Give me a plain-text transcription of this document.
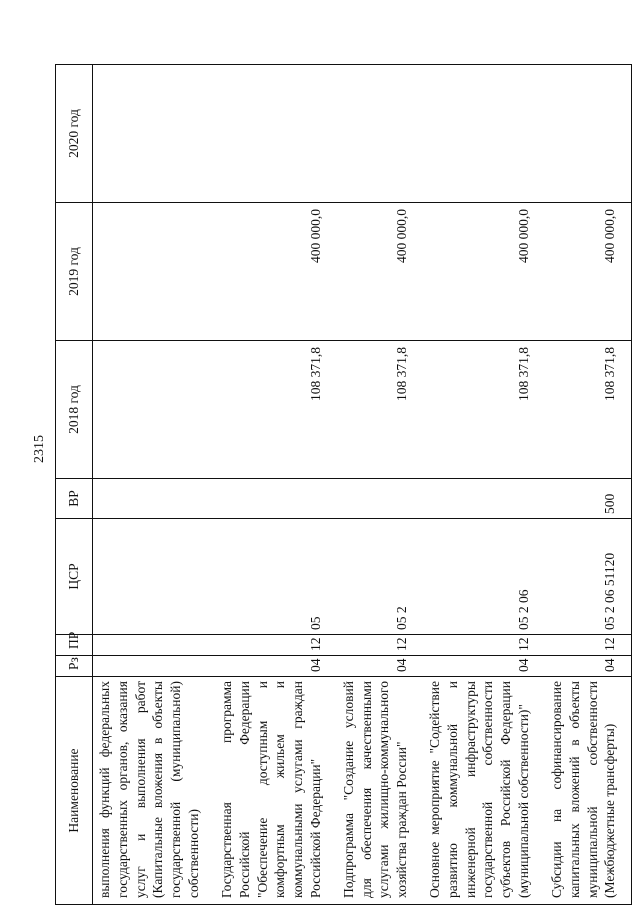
2315
Наименование	Рз	ПР	ЦСР	ВР	2018 год	2019 год	2020 год
выполнения функций федеральных государственных органов, оказания услуг и выполнения работ (Капитальные вложения в объекты государственной (муниципальной) собственности)							
Государственная программа Российской Федерации "Обеспечение доступным и комфортным жильем и коммунальными услугами граждан Российской Федерации"	04	12	05		108 371,8	400 000,0	
Подпрограмма "Создание условий для обеспечения качественными услугами жилищно-коммунального хозяйства граждан России"	04	12	05 2		108 371,8	400 000,0	
Основное мероприятие "Содействие развитию коммунальной и инженерной инфраструктуры государственной собственности субъектов Российской Федерации (муниципальной собственности)"	04	12	05 2 06		108 371,8	400 000,0	
Субсидии на софинансирование капитальных вложений в объекты муниципальной собственности (Межбюджетные трансферты)	04	12	05 2 06 51120	500	108 371,8	400 000,0	
